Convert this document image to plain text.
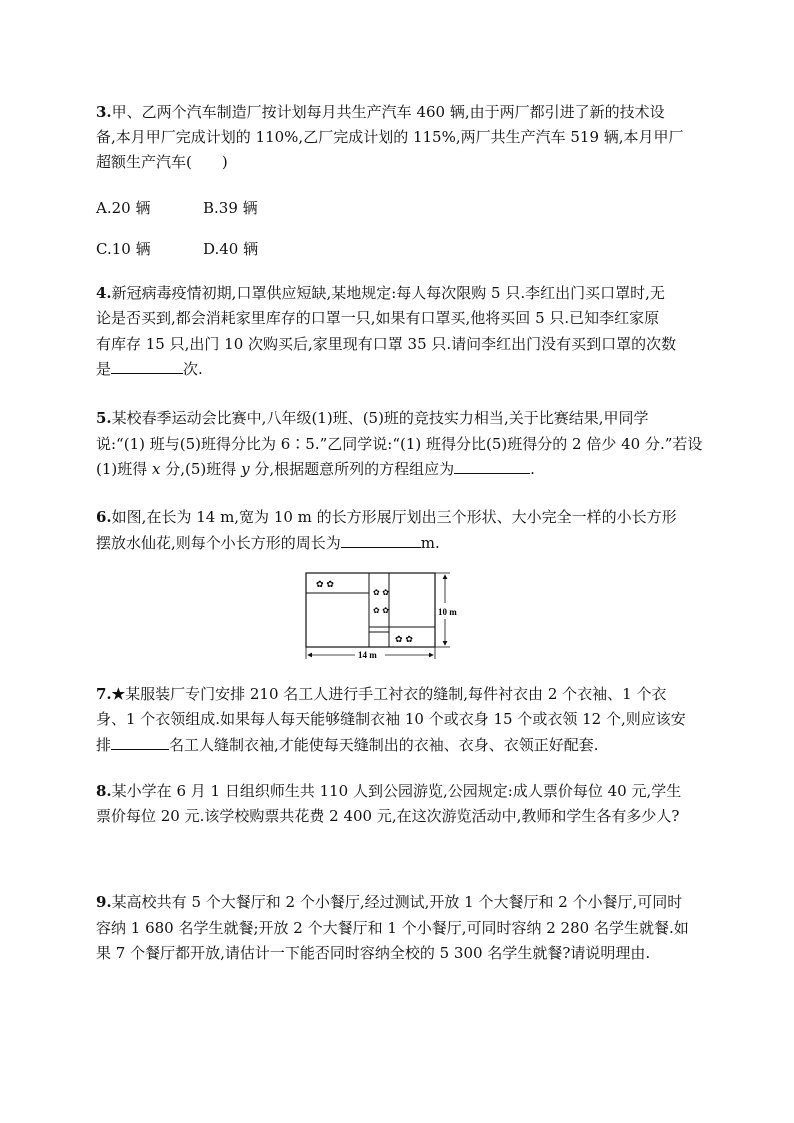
3.甲、乙两个汽车制造厂按计划每月共生产汽车 460 辆,由于两厂都引进了新的技术设
备,本月甲厂完成计划的 110%,乙厂完成计划的 115%,两厂共生产汽车 519 辆,本月甲厂
超额生产汽车(　　)
A.20 辆	B.39 辆
C.10 辆	D.40 辆
4.新冠病毒疫情初期,口罩供应短缺,某地规定:每人每次限购 5 只.李红出门买口罩时,无
论是否买到,都会消耗家里库存的口罩一只,如果有口罩买,他将买回 5 只.已知李红家原
有库存 15 只,出门 10 次购买后,家里现有口罩 35 只.请问李红出门没有买到口罩的次数
是	次.
5.某校春季运动会比赛中,八年级(1)班、(5)班的竞技实力相当,关于比赛结果,甲同学
说:“(1) 班与(5)班得分比为 6∶5.”乙同学说:“(1) 班得分比(5)班得分的 2 倍少 40 分.”若设
(1)班得 x 分,(5)班得 y 分,根据题意所列的方程组应为	.
6.如图,在长为 14 m,宽为 10 m 的长方形展厅划出三个形状、大小完全一样的小长方形
摆放水仙花,则每个小长方形的周长为	m.
✿ ✿
✿ ✿
✿ ✿
✿ ✿
10 m
14 m
7.★某服装厂专门安排 210 名工人进行手工衬衣的缝制,每件衬衣由 2 个衣袖、1 个衣
身、1 个衣领组成.如果每人每天能够缝制衣袖 10 个或衣身 15 个或衣领 12 个,则应该安
排	名工人缝制衣袖,才能使每天缝制出的衣袖、衣身、衣领正好配套.
8.某小学在 6 月 1 日组织师生共 110 人到公园游览,公园规定:成人票价每位 40 元,学生
票价每位 20 元.该学校购票共花费 2 400 元,在这次游览活动中,教师和学生各有多少人?
9.某高校共有 5 个大餐厅和 2 个小餐厅,经过测试,开放 1 个大餐厅和 2 个小餐厅,可同时
容纳 1 680 名学生就餐;开放 2 个大餐厅和 1 个小餐厅,可同时容纳 2 280 名学生就餐.如
果 7 个餐厅都开放,请估计一下能否同时容纳全校的 5 300 名学生就餐?请说明理由.
